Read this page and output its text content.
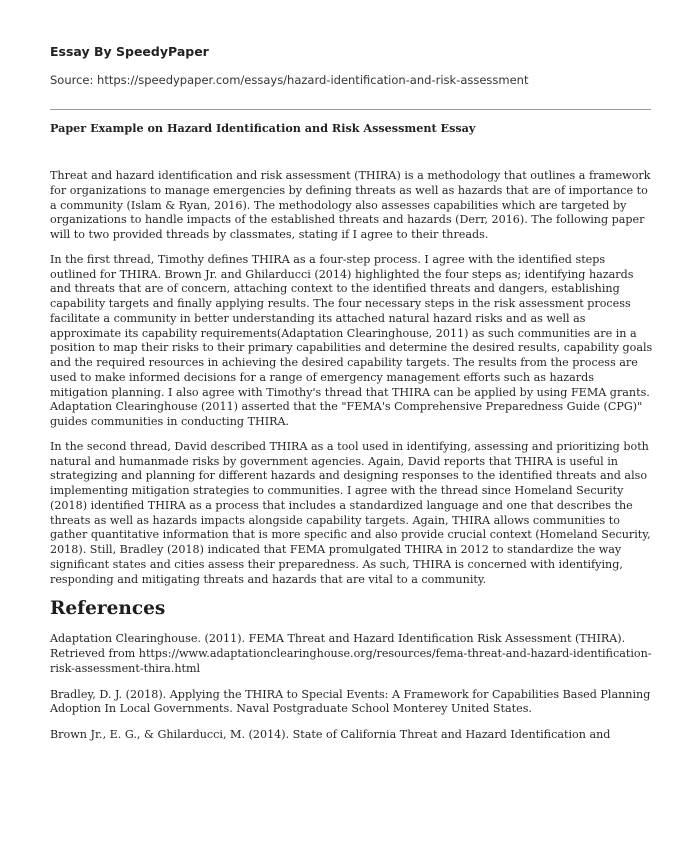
Essay By SpeedyPaper
Source: https://speedypaper.com/essays/hazard-identification-and-risk-assessment
Paper Example on Hazard Identification and Risk Assessment Essay

Threat and hazard identification and risk assessment (THIRA) is a methodology that outlines a framework for organizations to manage emergencies by defining threats as well as hazards that are of importance to a community (Islam & Ryan, 2016). The methodology also assesses capabilities which are targeted by organizations to handle impacts of the established threats and hazards (Derr, 2016). The following paper will to two provided threads by classmates, stating if I agree to their threads.

In the first thread, Timothy defines THIRA as a four-step process. I agree with the identified steps outlined for THIRA. Brown Jr. and Ghilarducci (2014) highlighted the four steps as; identifying hazards and threats that are of concern, attaching context to the identified threats and dangers, establishing capability targets and finally applying results. The four necessary steps in the risk assessment process facilitate a community in better understanding its attached natural hazard risks and as well as approximate its capability requirements(Adaptation Clearinghouse, 2011) as such communities are in a position to map their risks to their primary capabilities and determine the desired results, capability goals and the required resources in achieving the desired capability targets. The results from the process are used to make informed decisions for a range of emergency management efforts such as hazards mitigation planning. I also agree with Timothy's thread that THIRA can be applied by using FEMA grants. Adaptation Clearinghouse (2011) asserted that the "FEMA's Comprehensive Preparedness Guide (CPG)" guides communities in conducting THIRA.

In the second thread, David described THIRA as a tool used in identifying, assessing and prioritizing both natural and humanmade risks by government agencies. Again, David reports that THIRA is useful in strategizing and planning for different hazards and designing responses to the identified threats and also implementing mitigation strategies to communities. I agree with the thread since Homeland Security (2018) identified THIRA as a process that includes a standardized language and one that describes the threats as well as hazards impacts alongside capability targets. Again, THIRA allows communities to gather quantitative information that is more specific and also provide crucial context (Homeland Security, 2018). Still, Bradley (2018) indicated that FEMA promulgated THIRA in 2012 to standardize the way significant states and cities assess their preparedness. As such, THIRA is concerned with identifying, responding and mitigating threats and hazards that are vital to a community.

References
Adaptation Clearinghouse. (2011). FEMA Threat and Hazard Identification Risk Assessment (THIRA). Retrieved from https://www.adaptationclearinghouse.org/resources/fema-threat-and-hazard-identification-risk-assessment-thira.html
Bradley, D. J. (2018). Applying the THIRA to Special Events: A Framework for Capabilities Based Planning Adoption In Local Governments. Naval Postgraduate School Monterey United States.
Brown Jr., E. G., & Ghilarducci, M. (2014). State of California Threat and Hazard Identification and
